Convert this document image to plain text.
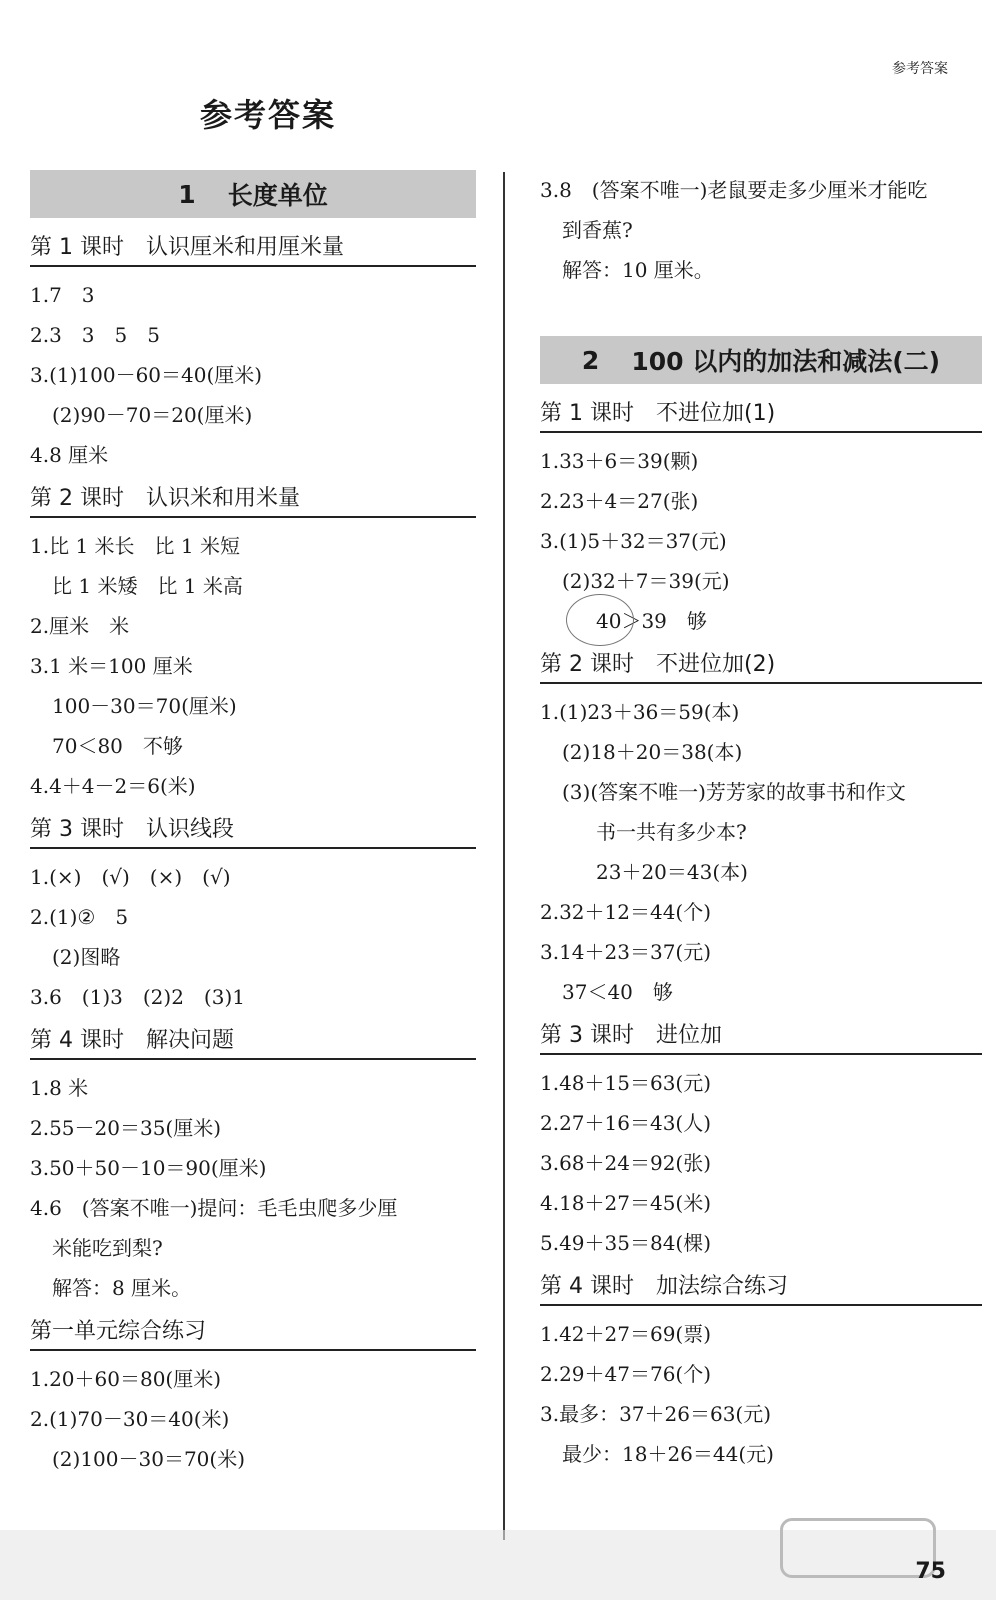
参考答案
参考答案
1 长度单位
第 1 课时 认识厘米和用厘米量
1.7　3
2.3　3　5　5
3.(1)100－60＝40(厘米)
(2)90－70＝20(厘米)
4.8 厘米
第 2 课时 认识米和用米量
1.比 1 米长　比 1 米短
比 1 米矮　比 1 米高
2.厘米　米
3.1 米＝100 厘米
100－30＝70(厘米)
70＜80　不够
4.4＋4－2＝6(米)
第 3 课时 认识线段
1.(×)　(√)　(×)　(√)
2.(1)②　5
(2)图略
3.6　(1)3　(2)2　(3)1
第 4 课时 解决问题
1.8 米
2.55－20＝35(厘米)
3.50＋50－10＝90(厘米)
4.6　(答案不唯一)提问：毛毛虫爬多少厘
米能吃到梨?
解答：8 厘米。
第一单元综合练习
1.20＋60＝80(厘米)
2.(1)70－30＝40(米)
(2)100－30＝70(米)
3.8　(答案不唯一)老鼠要走多少厘米才能吃
到香蕉?
解答：10 厘米。
2 100 以内的加法和减法(二)
第 1 课时 不进位加(1)
1.33＋6＝39(颗)
2.23＋4＝27(张)
3.(1)5＋32＝37(元)
(2)32＋7＝39(元)
40＞39　够
第 2 课时 不进位加(2)
1.(1)23＋36＝59(本)
(2)18＋20＝38(本)
(3)(答案不唯一)芳芳家的故事书和作文
书一共有多少本?
23＋20＝43(本)
2.32＋12＝44(个)
3.14＋23＝37(元)
37＜40　够
第 3 课时 进位加
1.48＋15＝63(元)
2.27＋16＝43(人)
3.68＋24＝92(张)
4.18＋27＝45(米)
5.49＋35＝84(棵)
第 4 课时 加法综合练习
1.42＋27＝69(票)
2.29＋47＝76(个)
3.最多：37＋26＝63(元)
最少：18＋26＝44(元)
75
